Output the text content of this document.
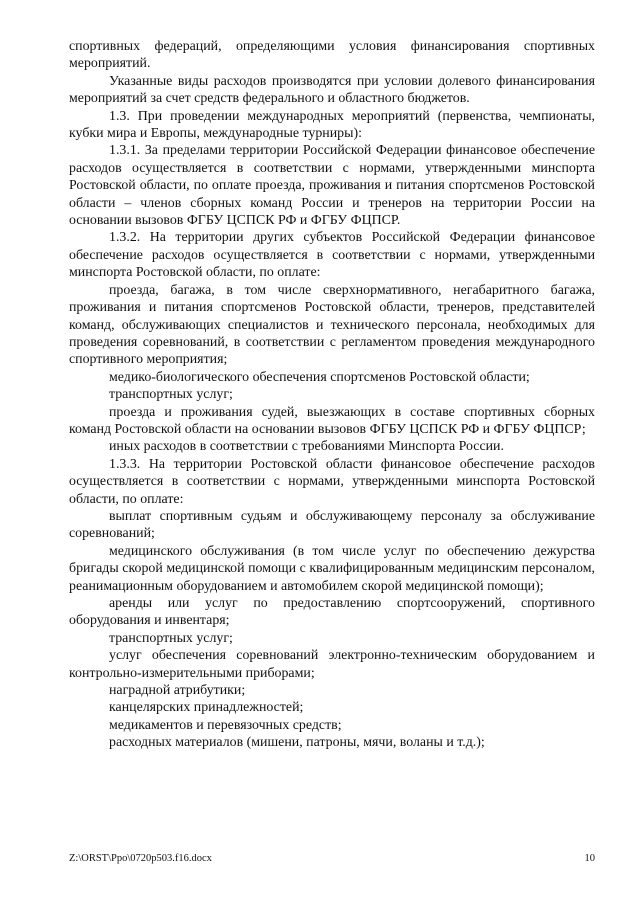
спортивных федераций, определяющими условия финансирования спортивных мероприятий.

Указанные виды расходов производятся при условии долевого финансирования мероприятий за счет средств федерального и областного бюджетов.

1.3. При проведении международных мероприятий (первенства, чемпионаты, кубки мира и Европы, международные турниры):

1.3.1. За пределами территории Российской Федерации финансовое обеспечение расходов осуществляется в соответствии с нормами, утвержденными минспорта Ростовской области, по оплате проезда, проживания и питания спортсменов Ростовской области – членов сборных команд России и тренеров на территории России на основании вызовов ФГБУ ЦСПСК РФ и ФГБУ ФЦПСР.

1.3.2. На территории других субъектов Российской Федерации финансовое обеспечение расходов осуществляется в соответствии с нормами, утвержденными минспорта Ростовской области, по оплате:

проезда, багажа, в том числе сверхнормативного, негабаритного багажа, проживания и питания спортсменов Ростовской области, тренеров, представителей команд, обслуживающих специалистов и технического персонала, необходимых для проведения соревнований, в соответствии с регламентом проведения международного спортивного мероприятия;

медико-биологического обеспечения спортсменов Ростовской области;

транспортных услуг;

проезда и проживания судей, выезжающих в составе спортивных сборных команд Ростовской области на основании вызовов ФГБУ ЦСПСК РФ и ФГБУ ФЦПСР;

иных расходов в соответствии с требованиями Минспорта России.

1.3.3. На территории Ростовской области финансовое обеспечение расходов осуществляется в соответствии с нормами, утвержденными минспорта Ростовской области, по оплате:

выплат спортивным судьям и обслуживающему персоналу за обслуживание соревнований;

медицинского обслуживания (в том числе услуг по обеспечению дежурства бригады скорой медицинской помощи с квалифицированным медицинским персоналом, реанимационным оборудованием и автомобилем скорой медицинской помощи);

аренды или услуг по предоставлению спортсооружений, спортивного оборудования и инвентаря;

транспортных услуг;

услуг обеспечения соревнований электронно-техническим оборудованием и контрольно-измерительными приборами;

наградной атрибутики;

канцелярских принадлежностей;

медикаментов и перевязочных средств;

расходных материалов (мишени, патроны, мячи, воланы и т.д.);

Z:\ORST\Ppo\0720p503.f16.docx	10
